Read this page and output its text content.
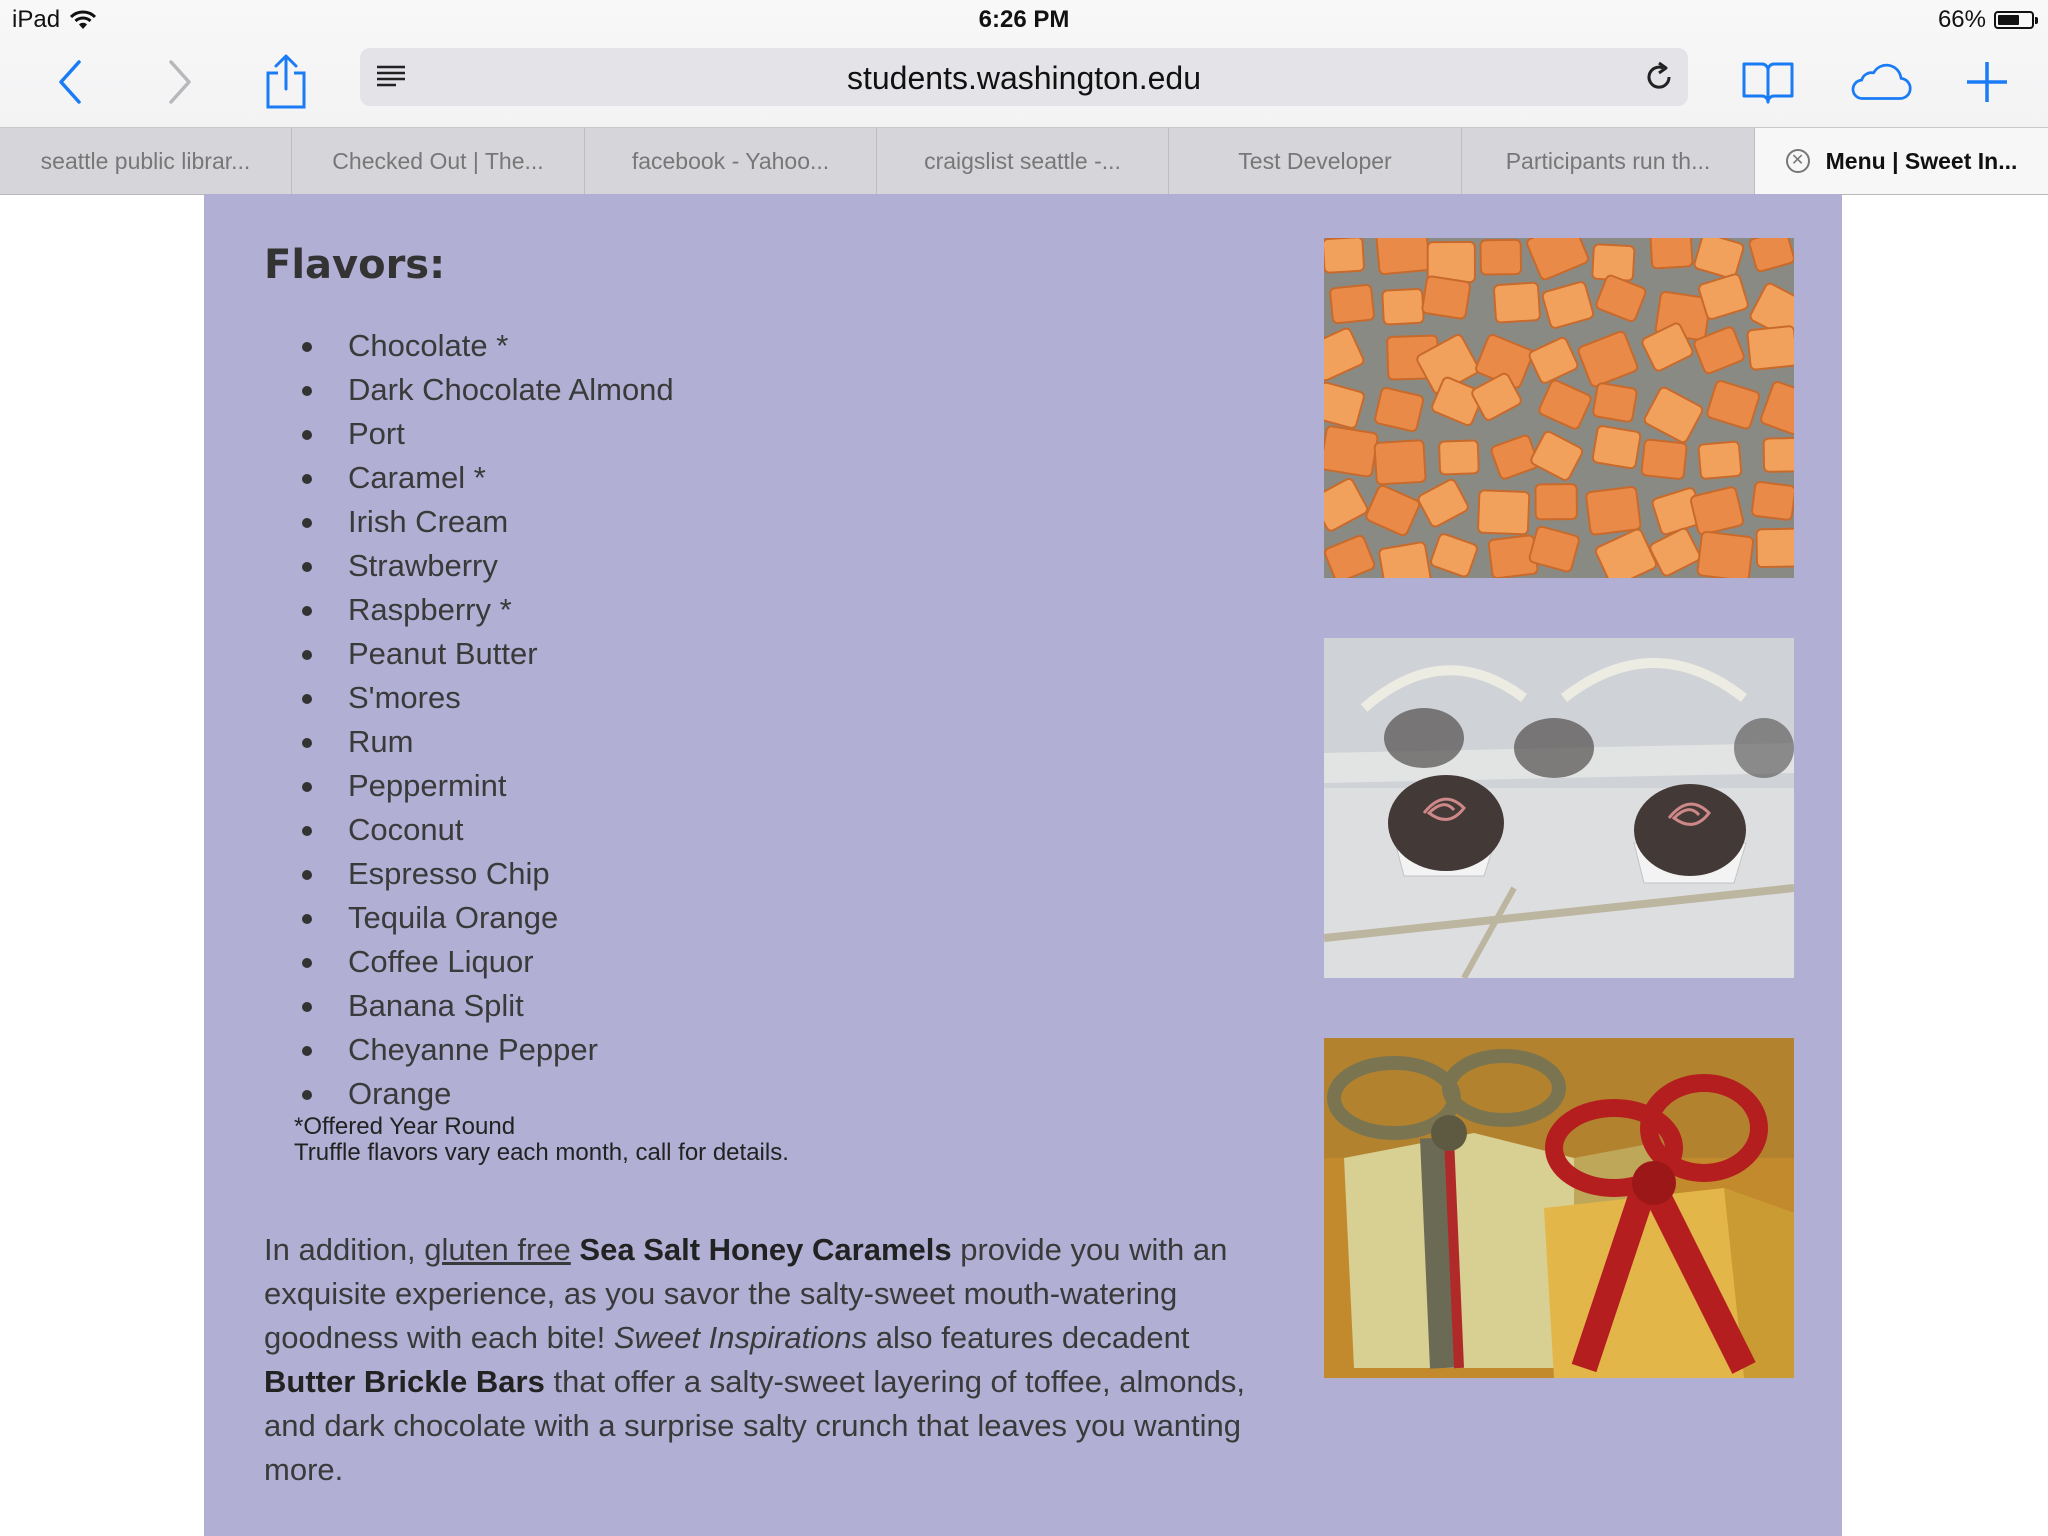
iPad	6:26 PM	66%
students.washington.edu
seattle public librar...	Checked Out | The...	facebook - Yahoo...	craigslist seattle -...	Test Developer	Participants run th...	✕ Menu | Sweet In...
Flavors:
Chocolate *
Dark Chocolate Almond
Port
Caramel *
Irish Cream
Strawberry
Raspberry *
Peanut Butter
S'mores
Rum
Peppermint
Coconut
Espresso Chip
Tequila Orange
Coffee Liquor
Banana Split
Cheyanne Pepper
Orange
*Offered Year Round
Truffle flavors vary each month, call for details.

In addition, gluten free Sea Salt Honey Caramels provide you with an exquisite experience, as you savor the salty-sweet mouth-watering goodness with each bite! Sweet Inspirations also features decadent Butter Brickle Bars that offer a salty-sweet layering of toffee, almonds, and dark chocolate with a surprise salty crunch that leaves you wanting more.
